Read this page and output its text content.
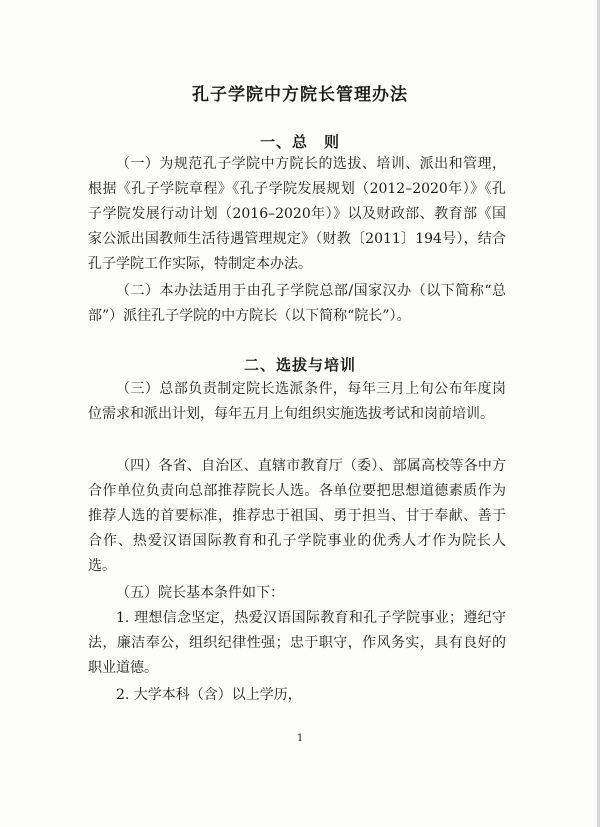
孔子学院中方院长管理办法
一、总　则

（一）为规范孔子学院中方院长的选拔、培训、派出和管理，根据《孔子学院章程》《孔子学院发展规划（2012–2020年）》《孔子学院发展行动计划（2016–2020年）》以及财政部、教育部《国家公派出国教师生活待遇管理规定》（财教〔2011〕194号），结合孔子学院工作实际，特制定本办法。

（二）本办法适用于由孔子学院总部/国家汉办（以下简称“总部”）派往孔子学院的中方院长（以下简称“院长”）。

二、选拔与培训

（三）总部负责制定院长选派条件，每年三月上旬公布年度岗位需求和派出计划，每年五月上旬组织实施选拔考试和岗前培训。

（四）各省、自治区、直辖市教育厅（委）、部属高校等各中方合作单位负责向总部推荐院长人选。各单位要把思想道德素质作为推荐人选的首要标准，推荐忠于祖国、勇于担当、甘于奉献、善于合作、热爱汉语国际教育和孔子学院事业的优秀人才作为院长人选。

（五）院长基本条件如下：

1. 理想信念坚定，热爱汉语国际教育和孔子学院事业；遵纪守法，廉洁奉公，组织纪律性强；忠于职守，作风务实，具有良好的职业道德。

2. 大学本科（含）以上学历，

1
